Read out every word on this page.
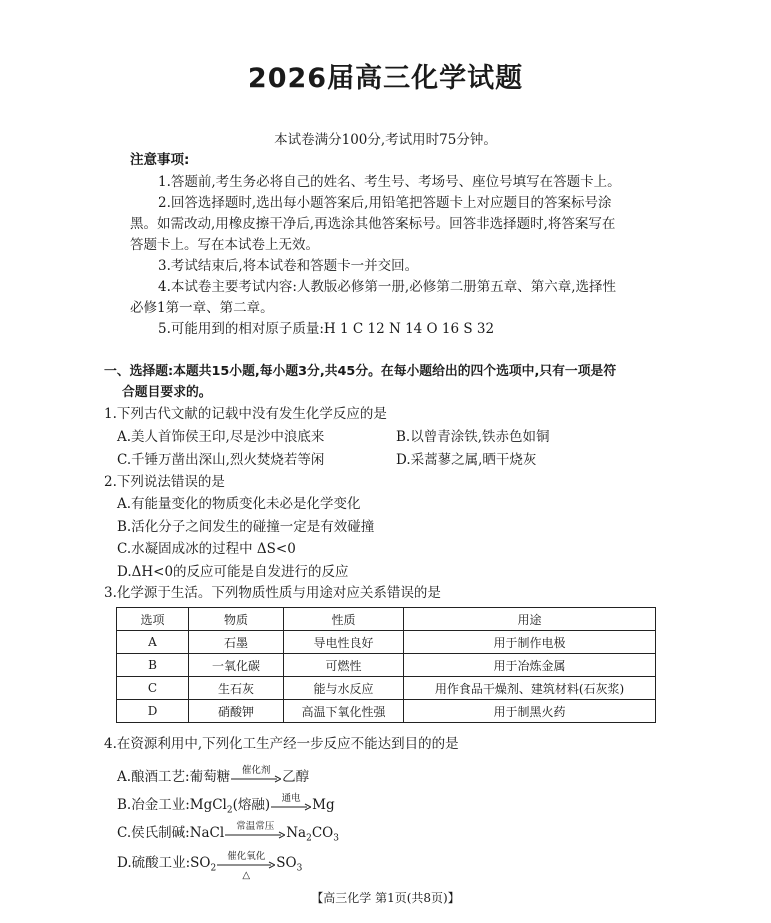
2026届高三化学试题
本试卷满分100分,考试用时75分钟。
注意事项:
1.答题前,考生务必将自己的姓名、考生号、考场号、座位号填写在答题卡上。
2.回答选择题时,选出每小题答案后,用铅笔把答题卡上对应题目的答案标号涂
黑。如需改动,用橡皮擦干净后,再选涂其他答案标号。回答非选择题时,将答案写在
答题卡上。写在本试卷上无效。
3.考试结束后,将本试卷和答题卡一并交回。
4.本试卷主要考试内容:人教版必修第一册,必修第二册第五章、第六章,选择性
必修1第一章、第二章。
5.可能用到的相对原子质量:H 1 C 12 N 14 O 16 S 32
一、选择题:本题共15小题,每小题3分,共45分。在每小题给出的四个选项中,只有一项是符
合题目要求的。
1.下列古代文献的记载中没有发生化学反应的是
A.美人首饰侯王印,尽是沙中浪底来	B.以曾青涂铁,铁赤色如铜
C.千锤万凿出深山,烈火焚烧若等闲	D.采蒿蓼之属,晒干烧灰
2.下列说法错误的是
A.有能量变化的物质变化未必是化学变化
B.活化分子之间发生的碰撞一定是有效碰撞
C.水凝固成冰的过程中 ΔS<0
D.ΔH<0的反应可能是自发进行的反应
3.化学源于生活。下列物质性质与用途对应关系错误的是
选项	物质	性质	用途
A	石墨	导电性良好	用于制作电极
B	一氧化碳	可燃性	用于冶炼金属
C	生石灰	能与水反应	用作食品干燥剂、建筑材料(石灰浆)
D	硝酸钾	高温下氧化性强	用于制黑火药
4.在资源利用中,下列化工生产经一步反应不能达到目的的是
A.酿酒工艺:葡萄糖	催化剂 乙醇
B.冶金工业:MgCl$_2$(熔融)	通电 Mg
C.侯氏制碱:NaCl	常温常压 $Na_2CO_3$
D.硫酸工业$:SO_2$
催化氧化
△
$SO_3$
【高三化学 第1页(共8页)】
